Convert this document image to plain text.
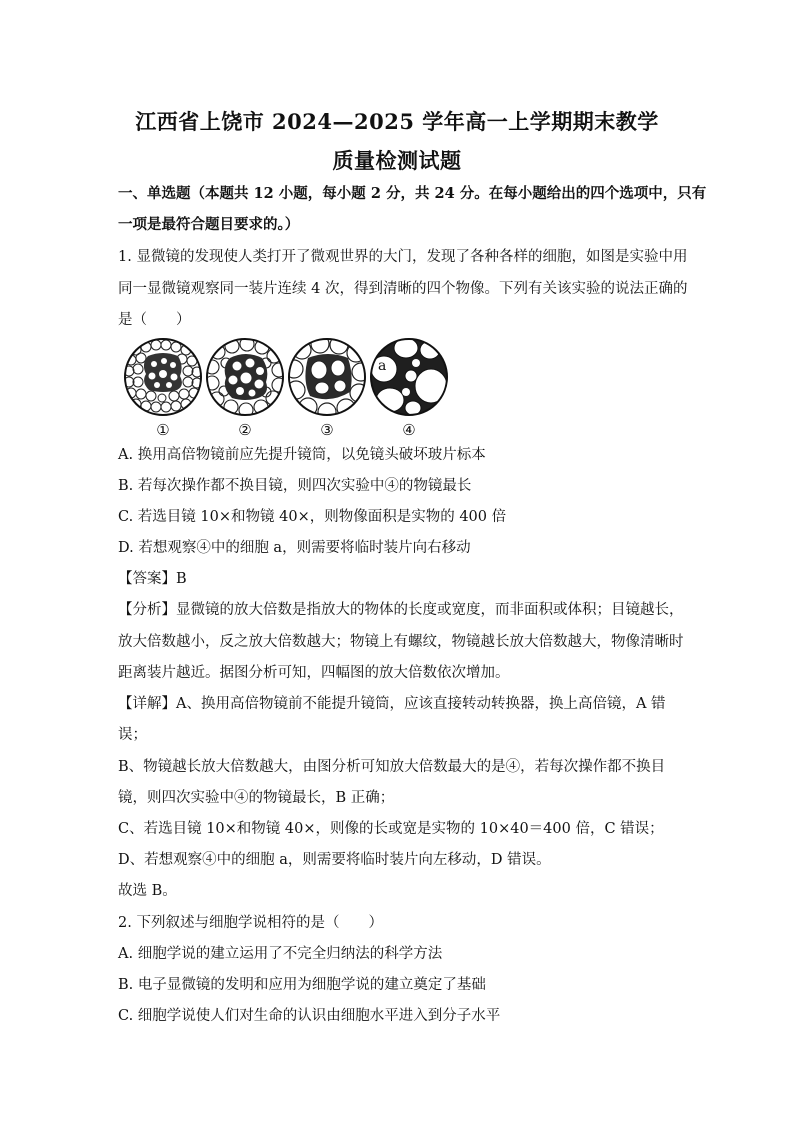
江西省上饶市 2024—2025 学年高一上学期期末教学
质量检测试题
一、单选题（本题共 12 小题，每小题 2 分，共 24 分。在每小题给出的四个选项中，只有
一项是最符合题目要求的。）
1. 显微镜的发现使人类打开了微观世界的大门，发现了各种各样的细胞，如图是实验中用
同一显微镜观察同一装片连续 4 次，得到清晰的四个物像。下列有关该实验的说法正确的
是（　　）
①	②	③
a
④
A. 换用高倍物镜前应先提升镜筒，以免镜头破坏玻片标本
B. 若每次操作都不换目镜，则四次实验中④的物镜最长
C. 若选目镜 10×和物镜 40×，则物像面积是实物的 400 倍
D. 若想观察④中的细胞 a，则需要将临时装片向右移动
【答案】B
【分析】显微镜的放大倍数是指放大的物体的长度或宽度，而非面积或体积；目镜越长，
放大倍数越小，反之放大倍数越大；物镜上有螺纹，物镜越长放大倍数越大，物像清晰时
距离装片越近。据图分析可知，四幅图的放大倍数依次增加。
【详解】A、换用高倍物镜前不能提升镜筒，应该直接转动转换器，换上高倍镜，A 错
误；
B、物镜越长放大倍数越大，由图分析可知放大倍数最大的是④，若每次操作都不换目
镜，则四次实验中④的物镜最长，B 正确；
C、若选目镜 10×和物镜 40×，则像的长或宽是实物的 10×40＝400 倍，C 错误；
D、若想观察④中的细胞 a，则需要将临时装片向左移动，D 错误。
故选 B。
2. 下列叙述与细胞学说相符的是（　　）
A. 细胞学说的建立运用了不完全归纳法的科学方法
B. 电子显微镜的发明和应用为细胞学说的建立奠定了基础
C. 细胞学说使人们对生命的认识由细胞水平进入到分子水平
